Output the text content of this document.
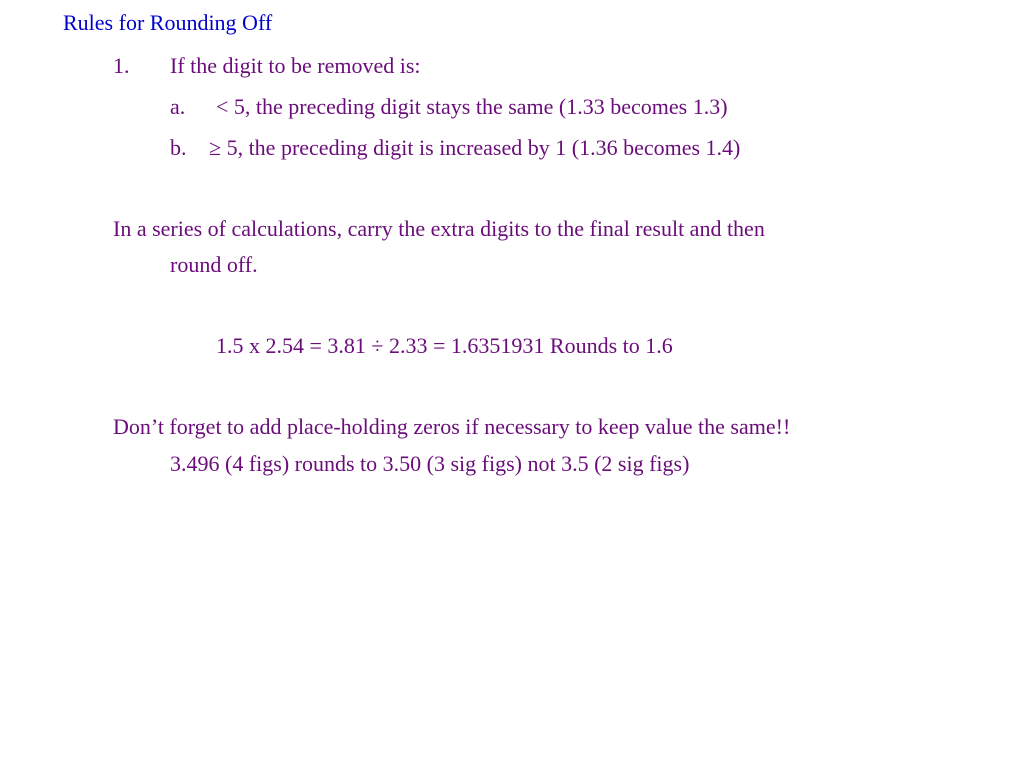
Rules for Rounding Off
1. If the digit to be removed is:
a. < 5, the preceding digit stays the same (1.33 becomes 1.3)
b. ≥ 5, the preceding digit is increased by 1 (1.36 becomes 1.4)
In a series of calculations, carry the extra digits to the final result and then
round off.
1.5 x 2.54 = 3.81 ÷ 2.33 = 1.6351931 Rounds to 1.6
Don’t forget to add place-holding zeros if necessary to keep value the same!!
3.496 (4 figs) rounds to 3.50 (3 sig figs) not 3.5 (2 sig figs)
